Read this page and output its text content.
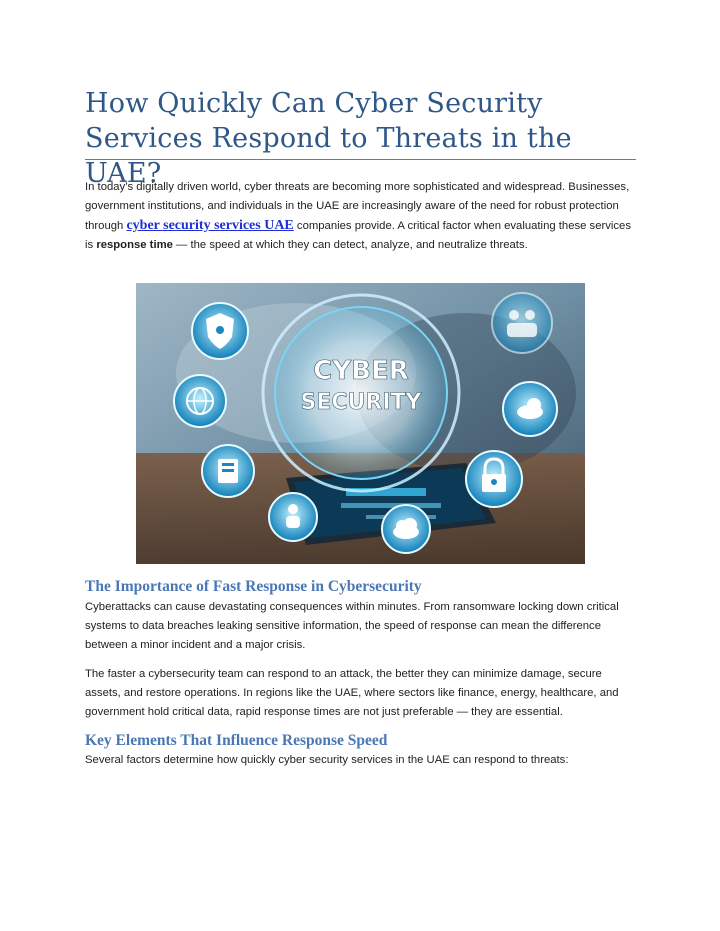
How Quickly Can Cyber Security Services Respond to Threats in the UAE?

In today’s digitally driven world, cyber threats are becoming more sophisticated and widespread. Businesses, government institutions, and individuals in the UAE are increasingly aware of the need for robust protection through cyber security services UAE companies provide. A critical factor when evaluating these services is response time — the speed at which they can detect, analyze, and neutralize threats.

CYBER
SECURITY
The Importance of Fast Response in Cybersecurity

Cyberattacks can cause devastating consequences within minutes. From ransomware locking down critical systems to data breaches leaking sensitive information, the speed of response can mean the difference between a minor incident and a major crisis.

The faster a cybersecurity team can respond to an attack, the better they can minimize damage, secure assets, and restore operations. In regions like the UAE, where sectors like finance, energy, healthcare, and government hold critical data, rapid response times are not just preferable — they are essential.

Key Elements That Influence Response Speed

Several factors determine how quickly cyber security services in the UAE can respond to threats:
